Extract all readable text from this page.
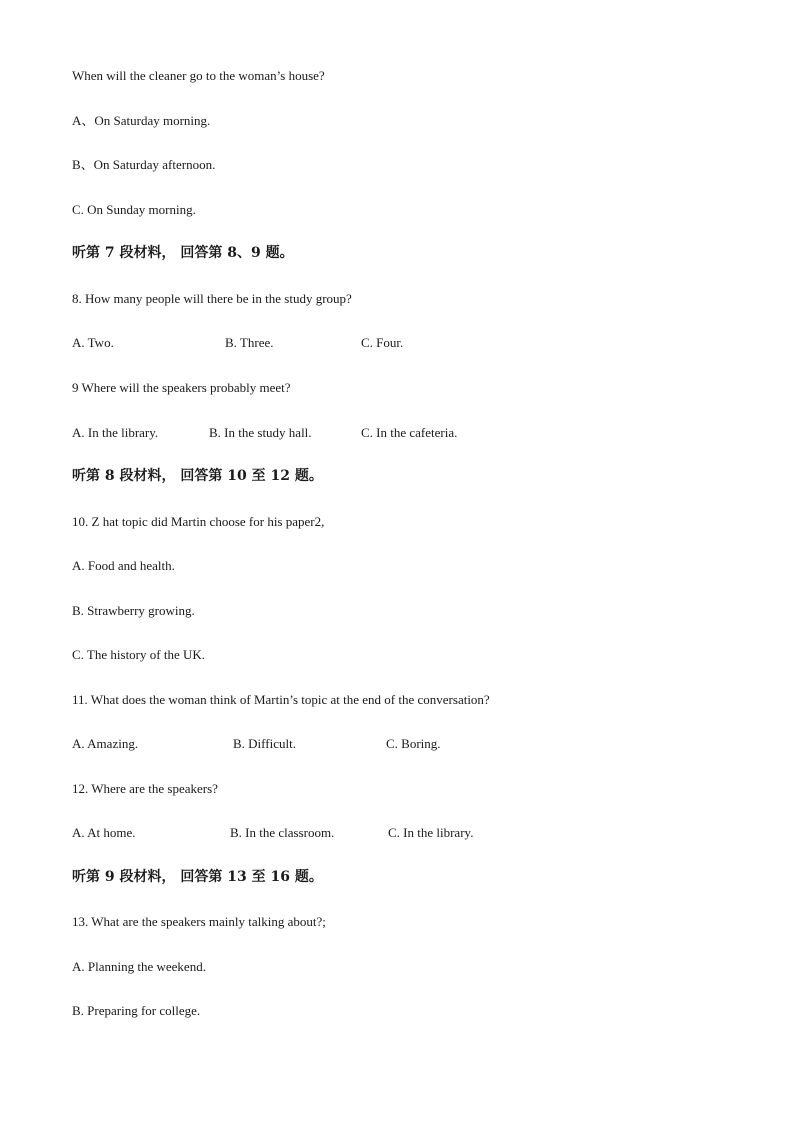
When will the cleaner go to the woman’s house?
A、On Saturday morning.
B、On Saturday afternoon.
C. On Sunday morning.
听第 7 段材料， 回答第 8、9 题。
8. How many people will there be in the study group?
A. Two.	B. Three.	C. Four.
9 Where will the speakers probably meet?
A. In the library.	B. In the study hall.	C. In the cafeteria.
听第 8 段材料， 回答第 10 至 12 题。
10. Z hat topic did Martin choose for his paper2,
A. Food and health.
B. Strawberry growing.
C. The history of the UK.
11. What does the woman think of Martin’s topic at the end of the conversation?
A. Amazing.	B. Difficult.	C. Boring.
12. Where are the speakers?
A. At home.	B. In the classroom.	C. In the library.
听第 9 段材料， 回答第 13 至 16 题。
13. What are the speakers mainly talking about?;
A. Planning the weekend.
B. Preparing for college.
